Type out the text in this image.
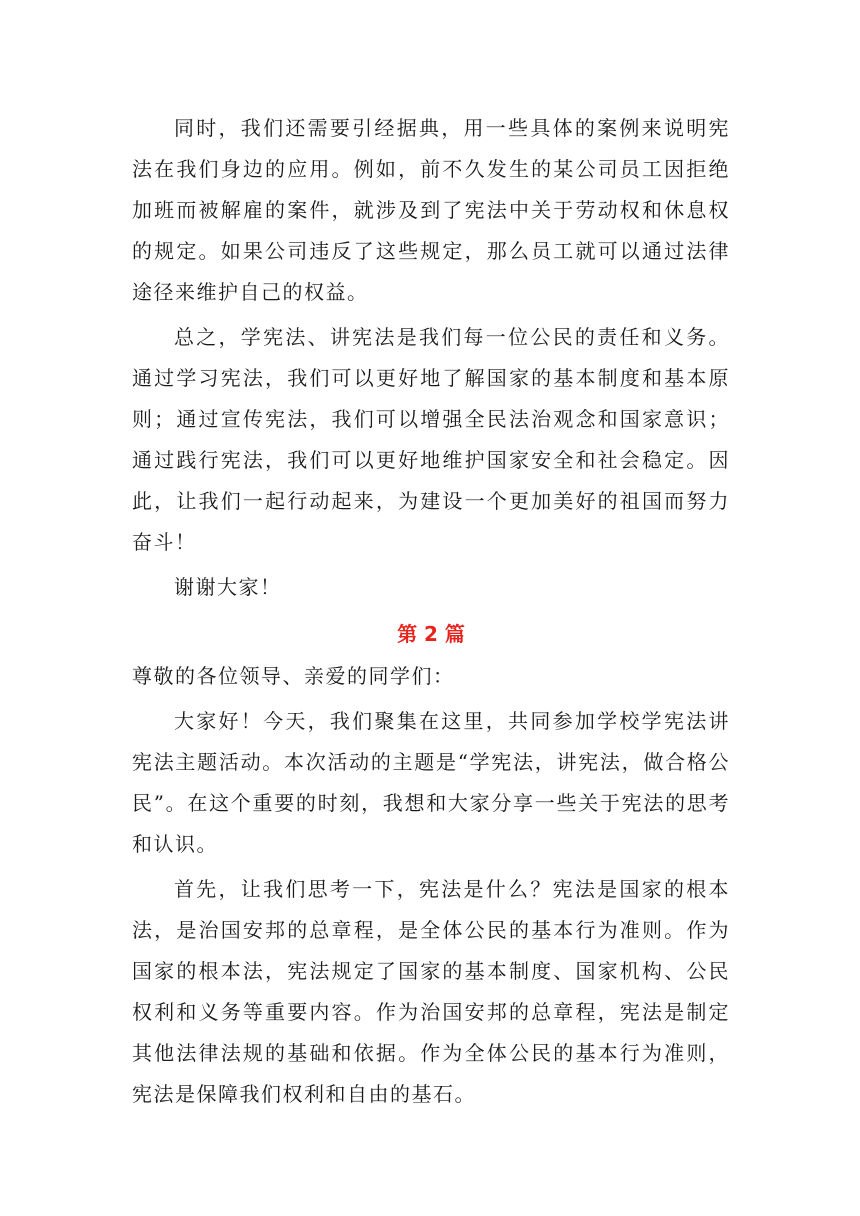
同时，我们还需要引经据典，用一些具体的案例来说明宪法在我们身边的应用。例如，前不久发生的某公司员工因拒绝加班而被解雇的案件，就涉及到了宪法中关于劳动权和休息权的规定。如果公司违反了这些规定，那么员工就可以通过法律途径来维护自己的权益。

总之，学宪法、讲宪法是我们每一位公民的责任和义务。通过学习宪法，我们可以更好地了解国家的基本制度和基本原则；通过宣传宪法，我们可以增强全民法治观念和国家意识；通过践行宪法，我们可以更好地维护国家安全和社会稳定。因此，让我们一起行动起来，为建设一个更加美好的祖国而努力奋斗！

谢谢大家！

第 2 篇

尊敬的各位领导、亲爱的同学们：

大家好！今天，我们聚集在这里，共同参加学校学宪法讲宪法主题活动。本次活动的主题是“学宪法，讲宪法，做合格公民”。在这个重要的时刻，我想和大家分享一些关于宪法的思考和认识。

首先，让我们思考一下，宪法是什么？宪法是国家的根本法，是治国安邦的总章程，是全体公民的基本行为准则。作为国家的根本法，宪法规定了国家的基本制度、国家机构、公民权利和义务等重要内容。作为治国安邦的总章程，宪法是制定其他法律法规的基础和依据。作为全体公民的基本行为准则，宪法是保障我们权利和自由的基石。
